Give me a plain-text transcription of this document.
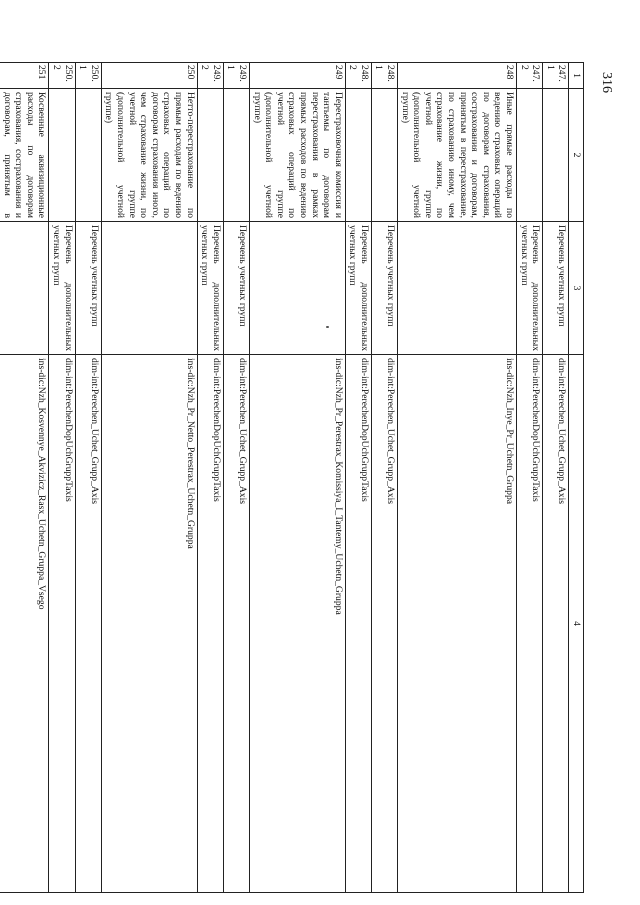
316
1	2	3	4
247.1		Перечень учетных групп	dim-int:Perechen_Uchet_Grupp_Axis
247.2		Перечень дополнительных учетных групп	dim-int:PerechenDopUchGruppTaxis
248	Иные прямые расходы по ведению страховых операций по договорам страхования, сострахования и договорам, принятым в перестрахование, по страхованию иному, чем страхование жизни, по учетной группе (дополнительной учетной группе)		ins-dic:Nzh_Inye_Pr_Uchetn_Gruppa
248.1		Перечень учетных групп	dim-int:Perechen_Uchet_Grupp_Axis
248.2		Перечень дополнительных учетных групп	dim-int:PerechenDopUchGruppTaxis
249	Перестраховочная комиссия и тантьемы по договорам перестрахования в рамках прямых расходов по ведению страховых операций по учетной группе (дополнительной учетной группе)		ins-dic:Nzh_Pr_Perestrax_Komissiya_I_Tantemy_Uchetn_Gruppa
249.1		Перечень учетных групп	dim-int:Perechen_Uchet_Grupp_Axis
249.2		Перечень дополнительных учетных групп	dim-int:PerechenDopUchGruppTaxis
250	Нетто-перестрахование по прямым расходам по ведению страховых операций по договорам страхования иного, чем страхование жизни, по учетной группе (дополнительной учетной группе)		ins-dic:Nzh_Pr_Netto_Perestrax_Uchetn_Gruppa
250.1		Перечень учетных групп	dim-int:Perechen_Uchet_Grupp_Axis
250.2		Перечень дополнительных учетных групп	dim-int:PerechenDopUchGruppTaxis
251	Косвенные аквизиционные расходы по договорам страхования, сострахования и договорам, принятым в		ins-dic:Nzh_Kosvennye_Akvizicz_Rasx_Uchetn_Gruppa_Vsego
